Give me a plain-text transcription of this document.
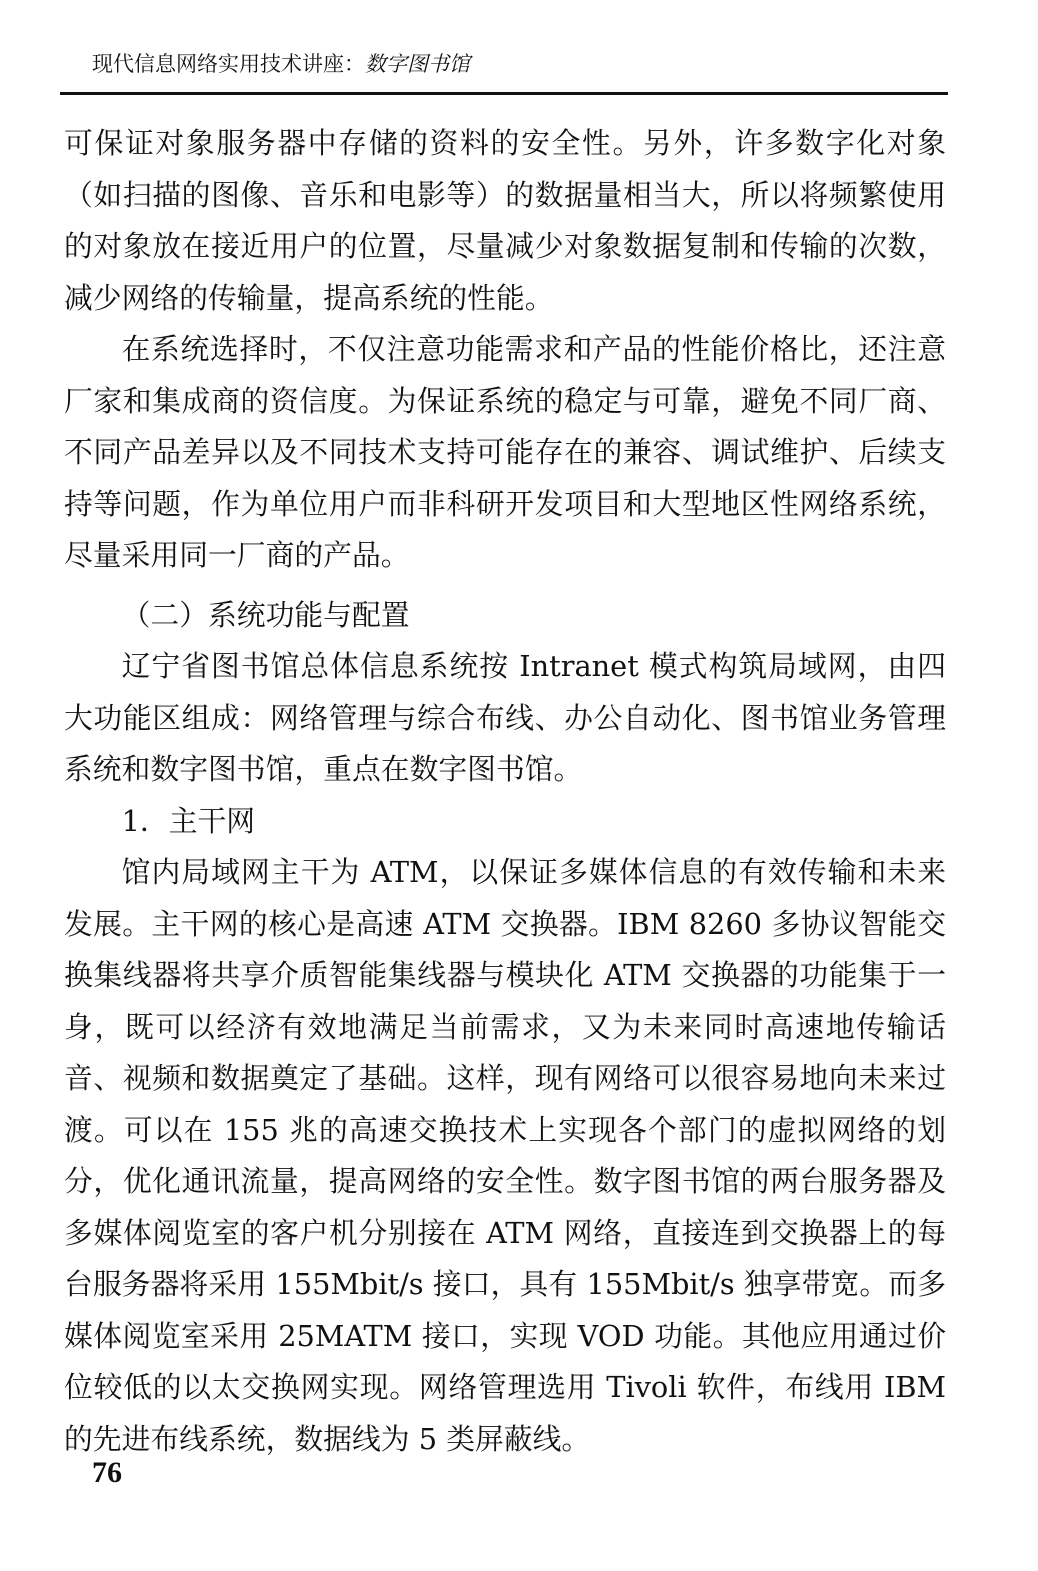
现代信息网络实用技术讲座：数字图书馆

可保证对象服务器中存储的资料的安全性。另外，许多数字化对象（如扫描的图像、音乐和电影等）的数据量相当大，所以将频繁使用的对象放在接近用户的位置，尽量减少对象数据复制和传输的次数，减少网络的传输量，提高系统的性能。

在系统选择时，不仅注意功能需求和产品的性能价格比，还注意厂家和集成商的资信度。为保证系统的稳定与可靠，避免不同厂商、不同产品差异以及不同技术支持可能存在的兼容、调试维护、后续支持等问题，作为单位用户而非科研开发项目和大型地区性网络系统，尽量采用同一厂商的产品。

（二）系统功能与配置

辽宁省图书馆总体信息系统按 Intranet 模式构筑局域网，由四大功能区组成：网络管理与综合布线、办公自动化、图书馆业务管理系统和数字图书馆，重点在数字图书馆。

1．主干网

馆内局域网主干为 ATM，以保证多媒体信息的有效传输和未来发展。主干网的核心是高速 ATM 交换器。IBM 8260 多协议智能交换集线器将共享介质智能集线器与模块化 ATM 交换器的功能集于一身，既可以经济有效地满足当前需求，又为未来同时高速地传输话音、视频和数据奠定了基础。这样，现有网络可以很容易地向未来过渡。可以在 155 兆的高速交换技术上实现各个部门的虚拟网络的划分，优化通讯流量，提高网络的安全性。数字图书馆的两台服务器及多媒体阅览室的客户机分别接在 ATM 网络，直接连到交换器上的每台服务器将采用 155Mbit/s 接口，具有 155Mbit/s 独享带宽。而多媒体阅览室采用 25MATM 接口，实现 VOD 功能。其他应用通过价位较低的以太交换网实现。网络管理选用 Tivoli 软件，布线用 IBM 的先进布线系统，数据线为 5 类屏蔽线。

76
